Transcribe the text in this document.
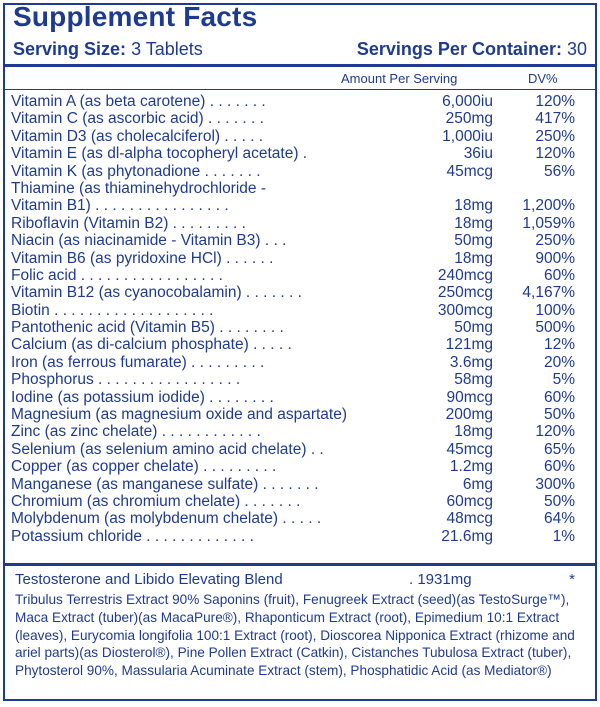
Supplement Facts
Serving Size: 3 Tablets	Servings Per Container: 30
Amount Per Serving	DV%
Vitamin A (as beta carotene) . . . . . . .	6,000iu	120%
Vitamin C (as ascorbic acid) . . . . . . .	250mg	417%
Vitamin D3 (as cholecalciferol) . . . . .	1,000iu	250%
Vitamin E (as dl-alpha tocopheryl acetate) .	36iu	120%
Vitamin K (as phytonadione . . . . . . .	45mcg	56%
Thiamine (as thiaminehydrochloride -
Vitamin B1) . . . . . . . . . . . . . . . .	18mg 1,200%
Riboflavin (Vitamin B2) . . . . . . . . .	18mg 1,059%
Niacin (as niacinamide - Vitamin B3) . . .	50mg	250%
Vitamin B6 (as pyridoxine HCl) . . . . . .	18mg	900%
Folic acid . . . . . . . . . . . . . . . . .	240mcg	60%
Vitamin B12 (as cyanocobalamin) . . . . . . .	250mcg 4,167%
Biotin . . . . . . . . . . . . . . . . . . .	300mcg	100%
Pantothenic acid (Vitamin B5) . . . . . . . .	50mg	500%
Calcium (as di-calcium phosphate) . . . . .	121mg	12%
Iron (as ferrous fumarate) . . . . . . . . .	3.6mg	20%
Phosphorus . . . . . . . . . . . . . . . . .	58mg	5%
Iodine (as potassium iodide) . . . . . . . .	90mcg	60%
Magnesium (as magnesium oxide and aspartate)	200mg	50%
Zinc (as zinc chelate) . . . . . . . . . . . .	18mg	120%
Selenium (as selenium amino acid chelate) . .	45mcg	65%
Copper (as copper chelate) . . . . . . . . .	1.2mg	60%
Manganese (as manganese sulfate) . . . . . . .	6mg	300%
Chromium (as chromium chelate) . . . . . . .	60mcg	50%
Molybdenum (as molybdenum chelate) . . . . .	48mcg	64%
Potassium chloride . . . . . . . . . . . . .	21.6mg	1%
Testosterone and Libido Elevating Blend	. 1931mg	*
Tribulus Terrestris Extract 90% Saponins (fruit), Fenugreek Extract (seed)(as TestoSurge™), Maca Extract (tuber)(as MacaPure®), Rhaponticum Extract (root), Epimedium 10:1 Extract (leaves), Eurycomia longifolia 100:1 Extract (root), Dioscorea Nipponica Extract (rhizome and ariel parts)(as Diosterol®), Pine Pollen Extract (Catkin), Cistanches Tubulosa Extract (tuber), Phytosterol 90%, Massularia Acuminate Extract (stem), Phosphatidic Acid (as Mediator®)
